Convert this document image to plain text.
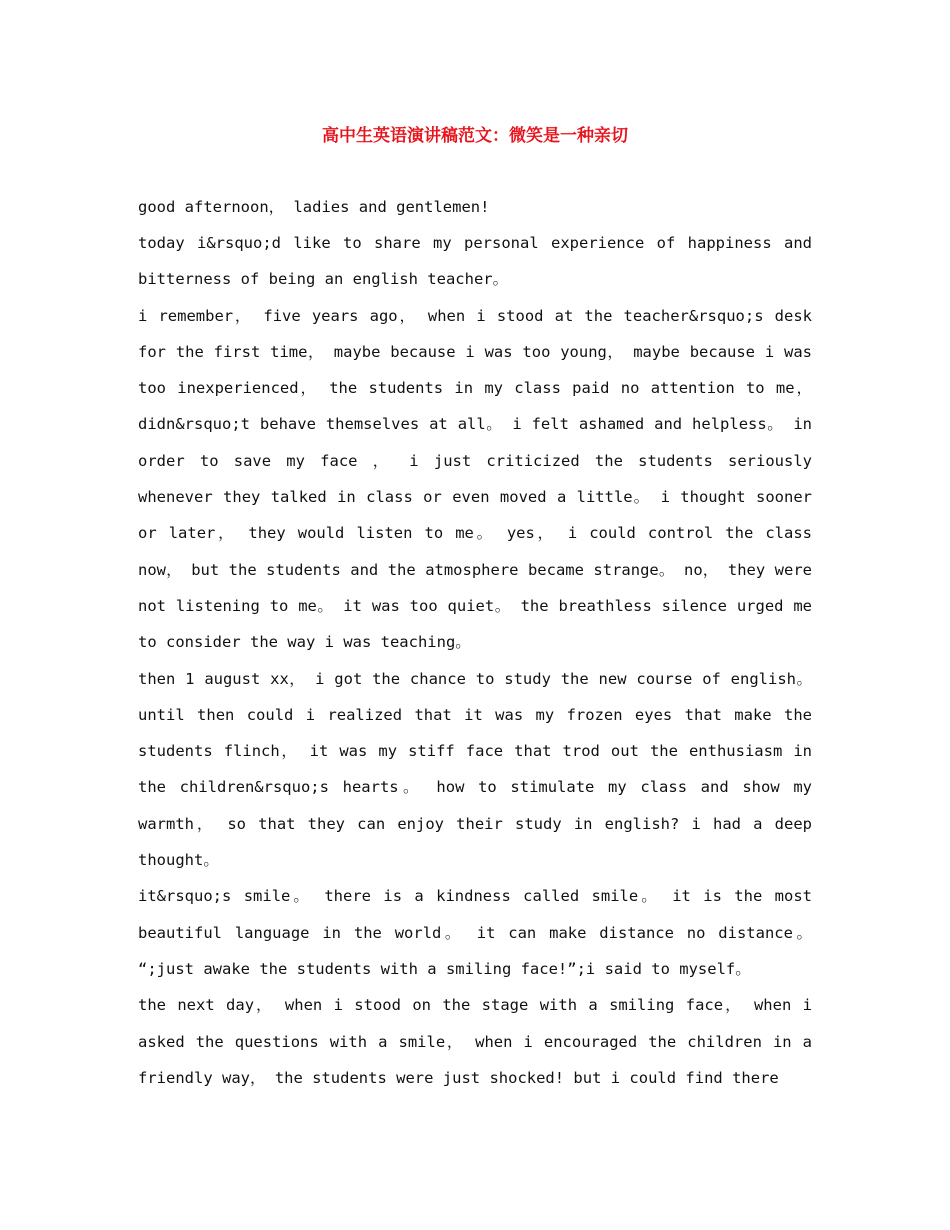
高中生英语演讲稿范文：微笑是一种亲切

good afternoon， ladies and gentlemen!

today i&rsquo;d like to share my personal experience of happiness and bitterness of being an english teacher。

i remember， five years ago， when i stood at the teacher&rsquo;s desk for the first time， maybe because i was too young， maybe because i was too inexperienced， the students in my class paid no attention to me， didn&rsquo;t behave themselves at all。 i felt ashamed and helpless。 in order to save my face ， i just criticized the students seriously whenever they talked in class or even moved a little。 i thought sooner or later， they would listen to me。 yes， i could control the class now， but the students and the atmosphere became strange。 no， they were not listening to me。 it was too quiet。 the breathless silence urged me to consider the way i was teaching。

then 1 august xx， i got the chance to study the new course of english。 until then could i realized that it was my frozen eyes that make the students flinch， it was my stiff face that trod out the enthusiasm in the children&rsquo;s hearts。 how to stimulate my class and show my warmth， so that they can enjoy their study in english? i had a deep thought。

it&rsquo;s smile。 there is a kindness called smile。 it is the most beautiful language in the world。 it can make distance no distance。 “;just awake the students with a smiling face!”;i said to myself。

the next day， when i stood on the stage with a smiling face， when i asked the questions with a smile， when i encouraged the children in a friendly way， the students were just shocked! but i could find there
